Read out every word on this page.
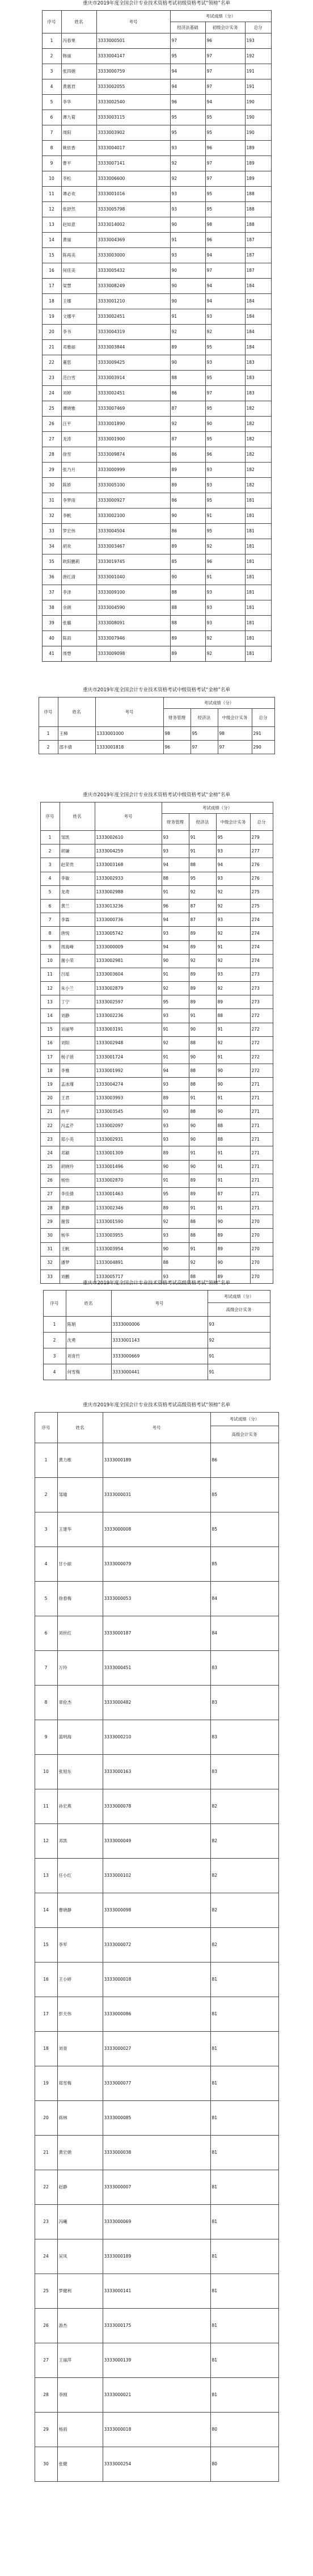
重庆市2019年度全国会计专业技术资格考试初级资格考试“领榜”名单
序号	姓名	考号	考试成绩（分）		
			经济法基础	初级会计实务	总分
1	冯春果	3333000501	97	96	193
2	韩丽	3333004147	95	97	192
3	张四娟	3333000759	94	97	191
4	黄惠君	3333002055	94	97	191
5	李华	3333002540	96	94	190
6	谭九菊	3333003115	95	95	190
7	周阳	3333003902	95	95	190
8	姚依香	3333004017	93	96	189
9	曹平	3333007141	92	97	189
10	李松	3333006600	92	97	189
11	谭必欢	3333001016	93	95	188
12	张舒然	3333005798	93	95	188
13	赵如意	3333014002	90	98	188
14	黄丽	3333004369	91	96	187
15	陈再美	3333003000	93	94	187
16	何佳美	3333005432	90	97	187
17	梁慧	3333008249	90	94	184
18	王娜	3333001210	90	94	184
19	文娜平	3333002451	91	93	184
20	李书	3333004319	92	92	184
21	邓雅丽	3333003844	89	95	184
22	董思	3333009425	90	93	183
23	范白雪	3333003914	88	95	183
24	刘婷	3333002451	86	97	183
25	谭晓雅	3333007469	87	95	182
26	汪平	3333001890	92	90	182
27	龙涛	3333001900	87	95	182
28	徐雪	3333009874	86	96	182
29	张乃月	3333000999	89	93	182
30	陈娇	3333005100	89	93	182
31	李梦雨	3333000927	86	95	181
32	李帆	3333002100	90	91	181
33	罗宏伟	3333004504	86	95	181
34	胡欢	3333003467	89	92	181
35	欧阳鹏莉	3333019745	85	96	181
36	唐红清	3333001040	90	91	181
37	李泽	3333009100	88	93	181
38	余朗	3333004590	88	93	181
39	张璐	3333008091	88	93	181
40	陈雨	3333007946	89	92	181
41	周想	3333009098	89	92	181
重庆市2019年度全国会计专业技术资格考试中级资格考试“金榜”名单
序号	姓名	考号	考试成绩（分）			
			财务管理	经济法	中级会计实务	总分
1	王樟	1333001000	98	95	98	291
2	邵丰倩	1333001818	96	97	97	290
重庆市2019年度全国会计专业技术资格考试中级资格考试“金榜”名单
序号	姓名	考号	考试成绩（分）			
			财务管理	经济法	中级会计实务	总分
1	邹凯	1333002610	93	91	95	279
2	胡谦	1333004259	93	91	93	277
3	赵荣贵	1333003168	94	88	94	276
4	李敏	1333002933	88	95	93	276
5	龙鸢	1333002988	91	92	92	275
6	黄兰	1333013236	96	87	92	275
7	李霖	1333000736	94	87	93	274
8	唐悦	1333005742	93	89	92	274
9	周海峰	1333000009	94	89	91	274
10	谢小荣	1333002981	90	92	92	274
11	吕瑶	1333003604	91	89	93	273
12	朱小兰	1333002879	92	89	92	273
13	丁宁	1333002597	95	89	89	273
14	刘静	1333002236	93	91	88	272
15	刘丽琴	1333003191	91	90	91	272
16	刘阳	1333002948	92	88	92	272
17	杨子蓓	1333001724	91	90	91	272
18	李雅	1333001992	94	88	90	272
19	孟冰瑾	1333004274	93	88	90	271
20	王君	1333003993	89	91	91	271
21	冉平	1333003545	93	88	90	271
22	冯孟芹	1333002097	93	90	88	271
23	郑小英	1333002931	93	90	88	271
24	邓颖	1333001309	89	91	91	271
25	胡晓玲	1333001496	90	90	91	271
26	杨怡	1333002870	91	89	91	271
27	李佳倩	1333001463	95	89	87	271
28	黄静	1333002346	89	91	91	271
29	谢蓉	1333001590	92	88	90	270
30	杨华	1333003955	93	88	89	270
31	王帆	1333003954	90	91	89	270
32	潘梦	1333004891	88	92	90	270
33	刘鹏	1333005717	93	88	89	270
重庆市2019年度全国会计专业技术资格考试高级资格考试“领榜”名单
序号	姓名	考号	考试成绩（分）
			高级会计实务
1	陈娟	3333000006	93
2	沈勇	3333001143	92
3	刘青竹	3333000669	91
4	何雪梅	3333000441	91
重庆市2019年度全国会计专业技术资格考试高级资格考试“领榜”名单
序号	姓名	考号	考试成绩（分）
			高级会计实务
1	黄力维	3333000189	86
2	邹瑜	3333000031	85
3	王建华	3333000008	85
4	甘小丽	3333000079	85
5	徐春梅	3333000053	84
6	刘世红	3333000187	84
7	万玲	3333000451	83
8	章伦杰	3333000482	83
9	蓝明海	3333000210	83
10	张旭东	3333000163	83
11	孙宏燕	3333000078	82
12	邓凯	3333000049	82
13	任小红	3333000102	82
14	曹晓静	3333000098	82
15	李军	3333000072	82
16	王小婷	3333000018	81
17	彭天伟	3333000086	81
18	刘青	3333000027	81
19	郑雪梅	3333000077	81
20	蒋林	3333000085	81
21	黄宏娟	3333000038	81
22	赵静	3333000007	81
23	冯曦	3333000069	81
24	吴凤	3333000189	81
25	罗健利	3333000141	81
26	游杰	3333000175	81
27	王丽萍	3333000139	81
28	李刚	3333000021	81
29	杨雨	3333000018	80
30	张健	3333000254	80
